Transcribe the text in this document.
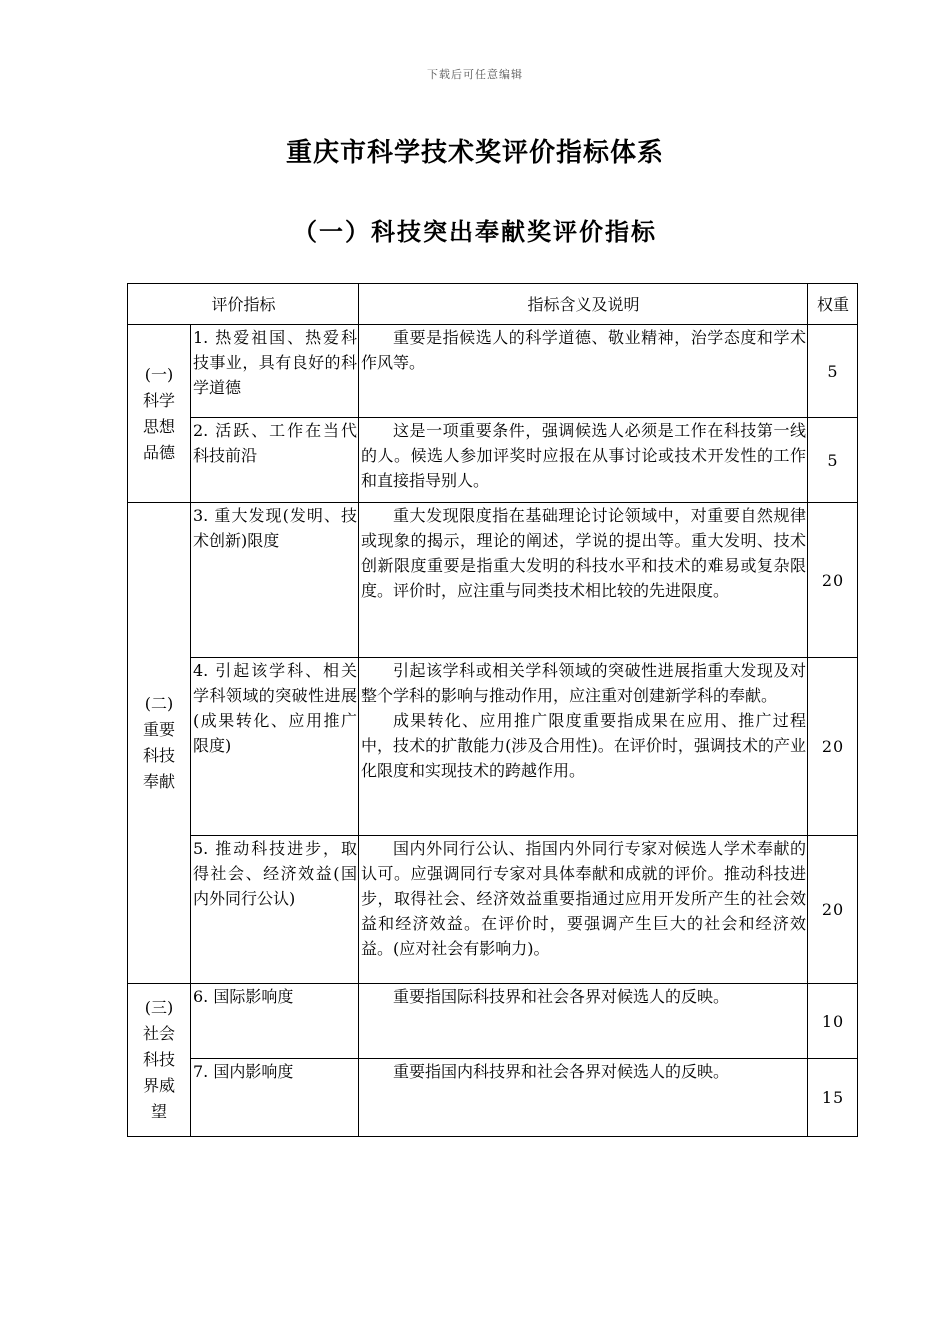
下载后可任意编辑
重庆市科学技术奖评价指标体系
（一）科技突出奉献奖评价指标
评价指标		指标含义及说明	权重

(一)
科学
思想
品德	1. 热爱祖国、热爱科技事业，具有良好的科学道德	重要是指候选人的科学道德、敬业精神，治学态度和学术作风等。	5
	2. 活跃、工作在当代科技前沿	这是一项重要条件，强调候选人必须是工作在科技第一线的人。候选人参加评奖时应报在从事讨论或技术开发性的工作和直接指导别人。	5

(二)
重要
科技
奉献	3. 重大发现(发明、技术创新)限度	重大发现限度指在基础理论讨论领域中，对重要自然规律或现象的揭示，理论的阐述，学说的提出等。重大发明、技术创新限度重要是指重大发明的科技水平和技术的难易或复杂限度。评价时，应注重与同类技术相比较的先进限度。	20
	4. 引起该学科、相关学科领域的突破性进展(成果转化、应用推广限度)	引起该学科或相关学科领域的突破性进展指重大发现及对整个学科的影响与推动作用，应注重对创建新学科的奉献。

成果转化、应用推广限度重要指成果在应用、推广过程中，技术的扩散能力(涉及合用性)。在评价时，强调技术的产业化限度和实现技术的跨越作用。	20
	5. 推动科技进步，取得社会、经济效益(国内外同行公认)	国内外同行公认、指国内外同行专家对候选人学术奉献的认可。应强调同行专家对具体奉献和成就的评价。推动科技进步，取得社会、经济效益重要指通过应用开发所产生的社会效益和经济效益。在评价时，要强调产生巨大的社会和经济效益。(应对社会有影响力)。	20

(三)
社会
科技
界威
望	6. 国际影响度	重要指国际科技界和社会各界对候选人的反映。	10
	7. 国内影响度	重要指国内科技界和社会各界对候选人的反映。	15
